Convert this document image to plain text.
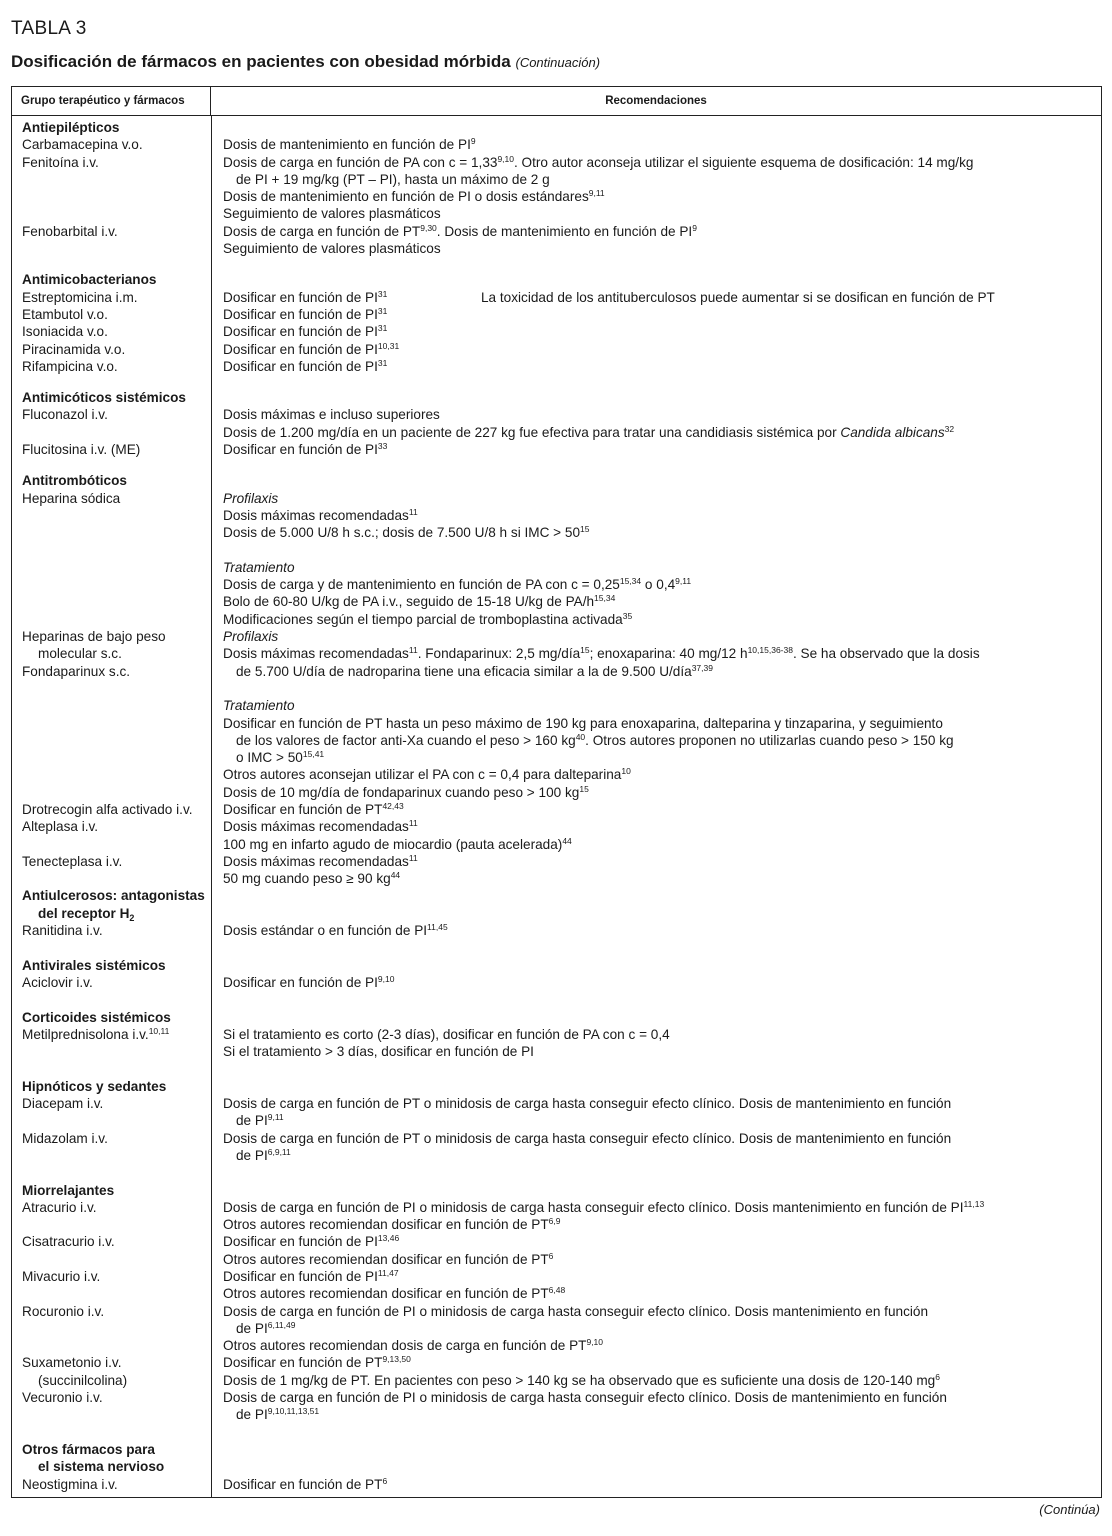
TABLA 3
Dosificación de fármacos en pacientes con obesidad mórbida (Continuación)
Grupo terapéutico y fármacos	Recomendaciones
Antiepilépticos
Carbamacepina v.o.	Dosis de mantenimiento en función de $PI^9$
Fenitoína i.v.	Dosis de carga en función de PA con $c = 1,33^{9,10}$. Otro autor aconseja utilizar el siguiente esquema de dosificación: 14 mg/kg
de PI + 19 mg/kg (PT – PI), hasta un máximo de 2 g
Dosis de mantenimiento en función de PI o dosis estándares$^{9,11}$
Seguimiento de valores plasmáticos
Fenobarbital i.v.	Dosis de carga en función de PT$^{9,30}$. Dosis de mantenimiento en función de $PI^9$
Seguimiento de valores plasmáticos
Antimicobacterianos
Estreptomicina i.m.	Dosificar en función de PI$^{31}$	La toxicidad de los antituberculosos puede aumentar si se dosifican en función de PT
Etambutol v.o.	Dosificar en función de PI$^{31}$
Isoniacida v.o.	Dosificar en función de PI$^{31}$
Piracinamida v.o.	Dosificar en función de PI$^{10,31}$
Rifampicina v.o.	Dosificar en función de PI$^{31}$
Antimicóticos sistémicos
Fluconazol i.v.	Dosis máximas e incluso superiores
Dosis de 1.200 mg/día en un paciente de 227 kg fue efectiva para tratar una candidiasis sistémica por Candida albicans$^{32}$
Flucitosina i.v. (ME)	Dosificar en función de PI$^{33}$
Antitrombóticos
Heparina sódica	Profilaxis
Dosis máximas recomendadas$^{11}$
Dosis de 5.000 U/8 h s.c.; dosis de 7.500 U/8 h si IMC > $50^{15}$
Tratamiento
Dosis de carga y de mantenimiento en función de PA con $c = 0,25^{15,34}$ o 0,4$^{9,11}$
Bolo de 60-80 U/kg de PA i.v., seguido de 15-18 U/kg de $PA/h^{15,34}$
Modificaciones según el tiempo parcial de tromboplastina activada$^{35}$
Heparinas de bajo peso	Profilaxis
molecular s.c.	Dosis máximas recomendadas$^{11}$. Fondaparinux: 2,5 mg/día$^{15}$; enoxaparina: 40 mg/12 $h^{10,15,36-38}$. Se ha observado que la dosis
Fondaparinux s.c.	de 5.700 U/día de nadroparina tiene una eficacia similar a la de 9.500 U/día$^{37,39}$
Tratamiento
Dosificar en función de PT hasta un peso máximo de 190 kg para enoxaparina, dalteparina y tinzaparina, y seguimiento
de los valores de factor anti-Xa cuando el peso > 160 $kg^{40}$. Otros autores proponen no utilizarlas cuando peso > 150 kg
o IMC > $50^{15,41}$
Otros autores aconsejan utilizar el PA con c = 0,4 para dalteparina$^{10}$
Dosis de 10 mg/día de fondaparinux cuando peso > 100 $kg^{15}$
Drotrecogin alfa activado i.v.	Dosificar en función de PT$^{42,43}$
Alteplasa i.v.	Dosis máximas recomendadas$^{11}$
100 mg en infarto agudo de miocardio (pauta acelerada)$^{44}$
Tenecteplasa i.v.	Dosis máximas recomendadas$^{11}$
50 mg cuando peso ≥ 90 $kg^{44}$
Antiulcerosos: antagonistas
del receptor $H_2$
Ranitidina i.v.	Dosis estándar o en función de PI$^{11,45}$
Antivirales sistémicos
Aciclovir i.v.	Dosificar en función de PI$^{9,10}$
Corticoides sistémicos
Metilprednisolona i.v.$^{10,11}$	Si el tratamiento es corto (2-3 días), dosificar en función de PA con c = 0,4
Si el tratamiento > 3 días, dosificar en función de PI
Hipnóticos y sedantes
Diacepam i.v.	Dosis de carga en función de PT o minidosis de carga hasta conseguir efecto clínico. Dosis de mantenimiento en función
de PI$^{9,11}$
Midazolam i.v.	Dosis de carga en función de PT o minidosis de carga hasta conseguir efecto clínico. Dosis de mantenimiento en función
de PI$^{6,9,11}$
Miorrelajantes
Atracurio i.v.	Dosis de carga en función de PI o minidosis de carga hasta conseguir efecto clínico. Dosis mantenimiento en función de PI$^{11,13}$
Otros autores recomiendan dosificar en función de PT$^{6,9}$
Cisatracurio i.v.	Dosificar en función de PI$^{13,46}$
Otros autores recomiendan dosificar en función de $PT^6$
Mivacurio i.v.	Dosificar en función de PI$^{11,47}$
Otros autores recomiendan dosificar en función de PT$^{6,48}$
Rocuronio i.v.	Dosis de carga en función de PI o minidosis de carga hasta conseguir efecto clínico. Dosis mantenimiento en función
de PI$^{6,11,49}$
Otros autores recomiendan dosis de carga en función de PT$^{9,10}$
Suxametonio i.v.	Dosificar en función de PT$^{9,13,50}$
(succinilcolina)	Dosis de 1 mg/kg de PT. En pacientes con peso > 140 kg se ha observado que es suficiente una dosis de 120-140 $mg^6$
Vecuronio i.v.	Dosis de carga en función de PI o minidosis de carga hasta conseguir efecto clínico. Dosis de mantenimiento en función
de PI$^{9,10,11,13,51}$
Otros fármacos para
el sistema nervioso
Neostigmina i.v.	Dosificar en función de $PT^6$
(Continúa)
